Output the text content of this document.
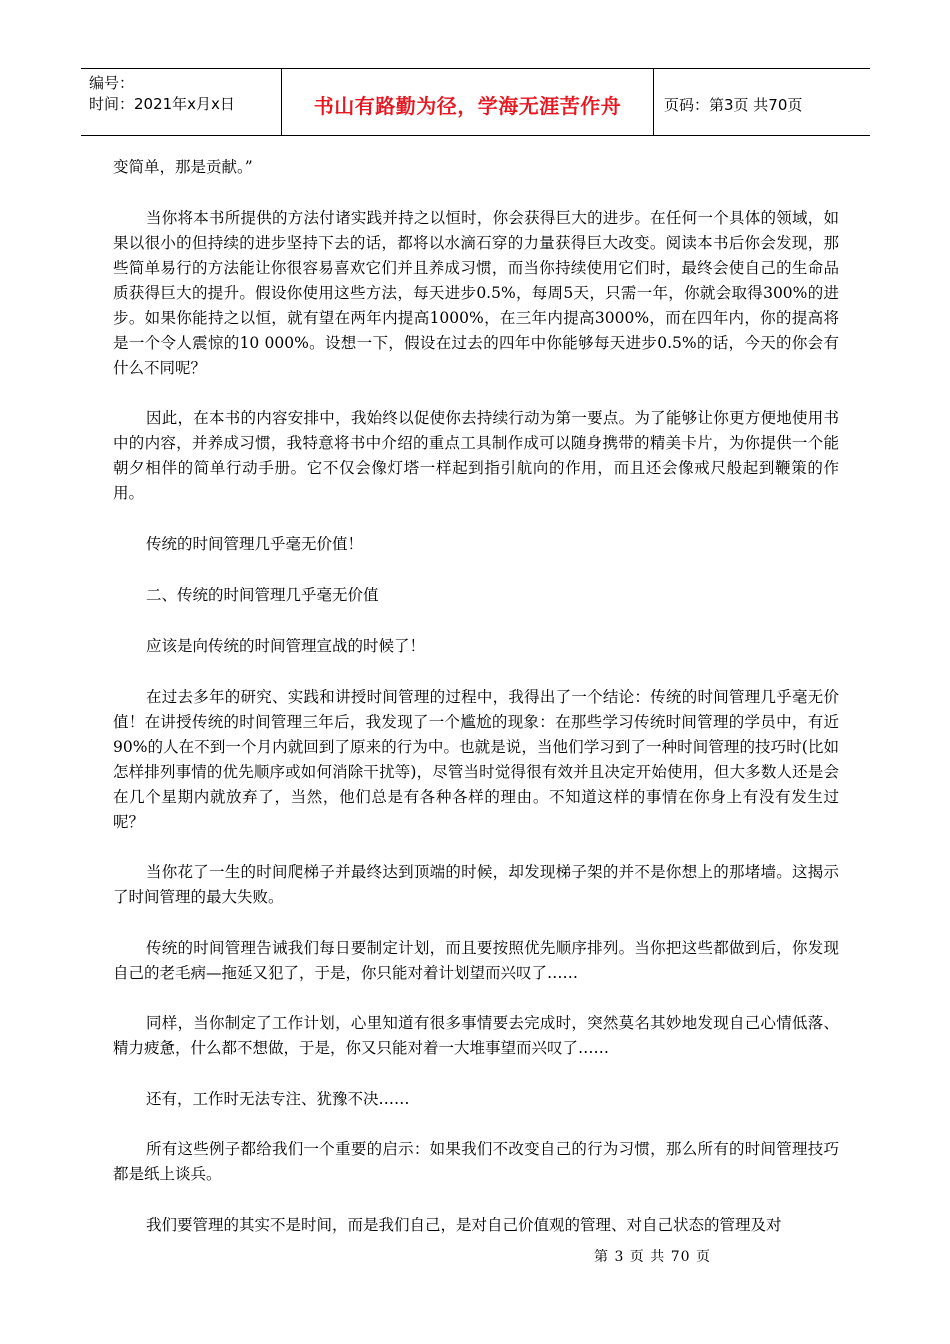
编号：
时间：2021年x月x日	书山有路勤为径，学海无涯苦作舟	页码：第3页 共70页

变简单，那是贡献。”

当你将本书所提供的方法付诸实践并持之以恒时，你会获得巨大的进步。在任何一个具体的领域，如果以很小的但持续的进步坚持下去的话，都将以水滴石穿的力量获得巨大改变。阅读本书后你会发现，那些简单易行的方法能让你很容易喜欢它们并且养成习惯，而当你持续使用它们时，最终会使自己的生命品质获得巨大的提升。假设你使用这些方法，每天进步0.5%，每周5天，只需一年，你就会取得300%的进步。如果你能持之以恒，就有望在两年内提高1000%，在三年内提高3000%，而在四年内，你的提高将是一个令人震惊的10 000%。设想一下，假设在过去的四年中你能够每天进步0.5%的话，今天的你会有什么不同呢？

因此，在本书的内容安排中，我始终以促使你去持续行动为第一要点。为了能够让你更方便地使用书中的内容，并养成习惯，我特意将书中介绍的重点工具制作成可以随身携带的精美卡片，为你提供一个能朝夕相伴的简单行动手册。它不仅会像灯塔一样起到指引航向的作用，而且还会像戒尺般起到鞭策的作用。

传统的时间管理几乎毫无价值！

二、传统的时间管理几乎毫无价值

应该是向传统的时间管理宣战的时候了！

在过去多年的研究、实践和讲授时间管理的过程中，我得出了一个结论：传统的时间管理几乎毫无价值！在讲授传统的时间管理三年后，我发现了一个尴尬的现象：在那些学习传统时间管理的学员中，有近90%的人在不到一个月内就回到了原来的行为中。也就是说，当他们学习到了一种时间管理的技巧时(比如怎样排列事情的优先顺序或如何消除干扰等)，尽管当时觉得很有效并且决定开始使用，但大多数人还是会在几个星期内就放弃了，当然，他们总是有各种各样的理由。不知道这样的事情在你身上有没有发生过呢？

当你花了一生的时间爬梯子并最终达到顶端的时候，却发现梯子架的并不是你想上的那堵墙。这揭示了时间管理的最大失败。

传统的时间管理告诫我们每日要制定计划，而且要按照优先顺序排列。当你把这些都做到后，你发现自己的老毛病—拖延又犯了，于是，你只能对着计划望而兴叹了……

同样，当你制定了工作计划，心里知道有很多事情要去完成时，突然莫名其妙地发现自己心情低落、精力疲惫，什么都不想做，于是，你又只能对着一大堆事望而兴叹了……

还有，工作时无法专注、犹豫不决……

所有这些例子都给我们一个重要的启示：如果我们不改变自己的行为习惯，那么所有的时间管理技巧都是纸上谈兵。

我们要管理的其实不是时间，而是我们自己，是对自己价值观的管理、对自己状态的管理及对

第 3 页 共 70 页
